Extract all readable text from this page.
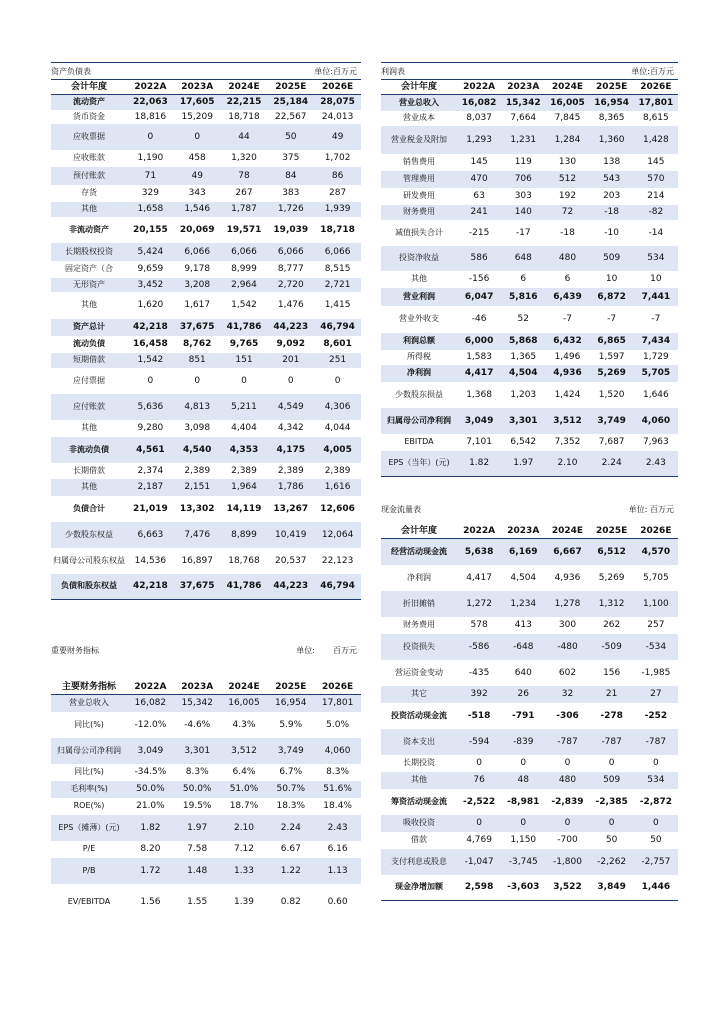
资产负债表	单位:百万元
会计年度	2022A	2023A	2024E	2025E	2026E
流动资产	22,063	17,605	22,215	25,184	28,075
货币资金	18,816	15,209	18,718	22,567	24,013
应收票据	0	0	44	50	49
应收账款	1,190	458	1,320	375	1,702
预付账款	71	49	78	84	86
存货	329	343	267	383	287
其他	1,658	1,546	1,787	1,726	1,939
非流动资产	20,155	20,069	19,571	19,039	18,718
长期股权投资	5,424	6,066	6,066	6,066	6,066
固定资产（合	9,659	9,178	8,999	8,777	8,515
无形资产	3,452	3,208	2,964	2,720	2,721
其他	1,620	1,617	1,542	1,476	1,415
资产总计	42,218	37,675	41,786	44,223	46,794
流动负债	16,458	8,762	9,765	9,092	8,601
短期借款	1,542	851	151	201	251
应付票据	0	0	0	0	0
应付账款	5,636	4,813	5,211	4,549	4,306
其他	9,280	3,098	4,404	4,342	4,044
非流动负债	4,561	4,540	4,353	4,175	4,005
长期借款	2,374	2,389	2,389	2,389	2,389
其他	2,187	2,151	1,964	1,786	1,616
负债合计	21,019	13,302	14,119	13,267	12,606
少数股东权益	6,663	7,476	8,899	10,419	12,064
归属母公司股东权益	14,536	16,897	18,768	20,537	22,123
负债和股东权益	42,218	37,675	41,786	44,223	46,794
利润表	单位:百万元
会计年度	2022A	2023A	2024E	2025E	2026E
营业总收入	16,082	15,342	16,005	16,954	17,801
营业成本	8,037	7,664	7,845	8,365	8,615
营业税金及附加	1,293	1,231	1,284	1,360	1,428
销售费用	145	119	130	138	145
管理费用	470	706	512	543	570
研发费用	63	303	192	203	214
财务费用	241	140	72	-18	-82
减值损失合计	-215	-17	-18	-10	-14
投资净收益	586	648	480	509	534
其他	-156	6	6	10	10
营业利润	6,047	5,816	6,439	6,872	7,441
营业外收支	-46	52	-7	-7	-7
利润总额	6,000	5,868	6,432	6,865	7,434
所得税	1,583	1,365	1,496	1,597	1,729
净利润	4,417	4,504	4,936	5,269	5,705
少数股东损益	1,368	1,203	1,424	1,520	1,646
归属母公司净利润	3,049	3,301	3,512	3,749	4,060
EBITDA	7,101	6,542	7,352	7,687	7,963
EPS（当年）(元)	1.82	1.97	2.10	2.24	2.43
现金流量表	单位: 百万元
会计年度	2022A	2023A	2024E	2025E	2026E
经营活动现金流	5,638	6,169	6,667	6,512	4,570
净利润	4,417	4,504	4,936	5,269	5,705
折旧摊销	1,272	1,234	1,278	1,312	1,100
财务费用	578	413	300	262	257
投资损失	-586	-648	-480	-509	-534
营运资金变动	-435	640	602	156	-1,985
其它	392	26	32	21	27
投资活动现金流	-518	-791	-306	-278	-252
资本支出	-594	-839	-787	-787	-787
长期投资	0	0	0	0	0
其他	76	48	480	509	534
筹资活动现金流	-2,522	-8,981	-2,839	-2,385	-2,872
吸收投资	0	0	0	0	0
借款	4,769	1,150	-700	50	50
支付利息或股息	-1,047	-3,745	-1,800	-2,262	-2,757
现金净增加额	2,598	-3,603	3,522	3,849	1,446
重要财务指标	单位: 百万元
主要财务指标	2022A	2023A	2024E	2025E	2026E
营业总收入	16,082	15,342	16,005	16,954	17,801
同比(%)	-12.0%	-4.6%	4.3%	5.9%	5.0%
归属母公司净利润	3,049	3,301	3,512	3,749	4,060
同比(%)	-34.5%	8.3%	6.4%	6.7%	8.3%
毛利率(%)	50.0%	50.0%	51.0%	50.7%	51.6%
ROE(%)	21.0%	19.5%	18.7%	18.3%	18.4%
EPS（摊薄）(元)	1.82	1.97	2.10	2.24	2.43
P/E	8.20	7.58	7.12	6.67	6.16
P/B	1.72	1.48	1.33	1.22	1.13
EV/EBITDA	1.56	1.55	1.39	0.82	0.60
